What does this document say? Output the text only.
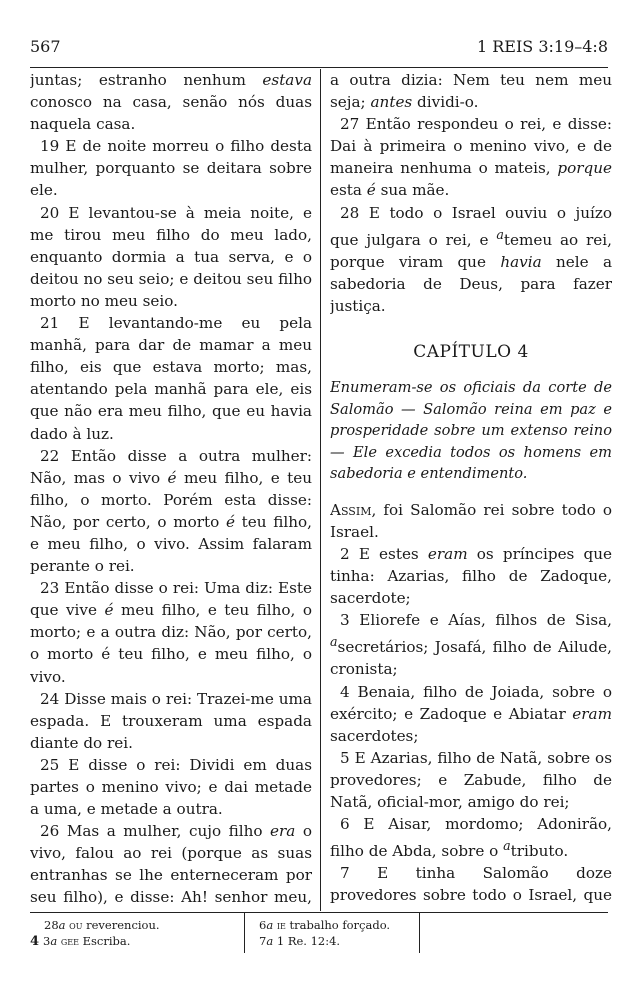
567	1 REIS 3:19–4:8

juntas; estranho nenhum estava conosco na casa, senão nós duas naquela casa.

19 E de noite morreu o filho desta mulher, porquanto se deitara sobre ele.

20 E levantou-se à meia noite, e me tirou meu filho do meu lado, enquanto dormia a tua serva, e o deitou no seu seio; e deitou seu filho morto no meu seio.

21 E levantando-me eu pela manhã, para dar de mamar a meu filho, eis que estava morto; mas, atentando pela manhã para ele, eis que não era meu filho, que eu havia dado à luz.

22 Então disse a outra mulher: Não, mas o vivo é meu filho, e teu filho, o morto. Porém esta disse: Não, por certo, o morto é teu filho, e meu filho, o vivo. Assim falaram perante o rei.

23 Então disse o rei: Uma diz: Este que vive é meu filho, e teu filho, o morto; e a outra diz: Não, por certo, o morto é teu filho, e meu filho, o vivo.

24 Disse mais o rei: Trazei-me uma espada. E trouxeram uma espada diante do rei.

25 E disse o rei: Dividi em duas partes o menino vivo; e dai metade a uma, e metade a outra.

26 Mas a mulher, cujo filho era o vivo, falou ao rei (porque as suas entranhas se lhe enterneceram por seu filho), e disse: Ah! senhor meu,

a outra dizia: Nem teu nem meu seja; antes dividi-o.

27 Então respondeu o rei, e disse: Dai à primeira o menino vivo, e de maneira nenhuma o mateis, porque esta é sua mãe.

28 E todo o Israel ouviu o juízo que julgara o rei, e $^a$temeu ao rei, porque viram que havia nele a sabedoria de Deus, para fazer justiça.

CAPÍTULO 4

Enumeram-se os oficiais da corte de Salomão — Salomão reina em paz e prosperidade sobre um extenso reino — Ele excedia todos os homens em sabedoria e entendimento.

Assim, foi Salomão rei sobre todo o Israel.

2 E estes eram os príncipes que tinha: Azarias, filho de Zadoque, sacerdote;

3 Eliorefe e Aías, filhos de Sisa, $^a$secretários; Josafá, filho de Ailude, cronista;

4 Benaia, filho de Joiada, sobre o exército; e Zadoque e Abiatar eram sacerdotes;

5 E Azarias, filho de Natã, sobre os provedores; e Zabude, filho de Natã, oficial-mor, amigo do rei;

6 E Aisar, mordomo; Adonirão, filho de Abda, sobre o $^a$tributo.

7 E tinha Salomão doze provedores sobre todo o Israel, que

28a ou reverenciou.
4 3a gee Escriba.
6a ie trabalho forçado.
7a 1 Re. 12:4.
